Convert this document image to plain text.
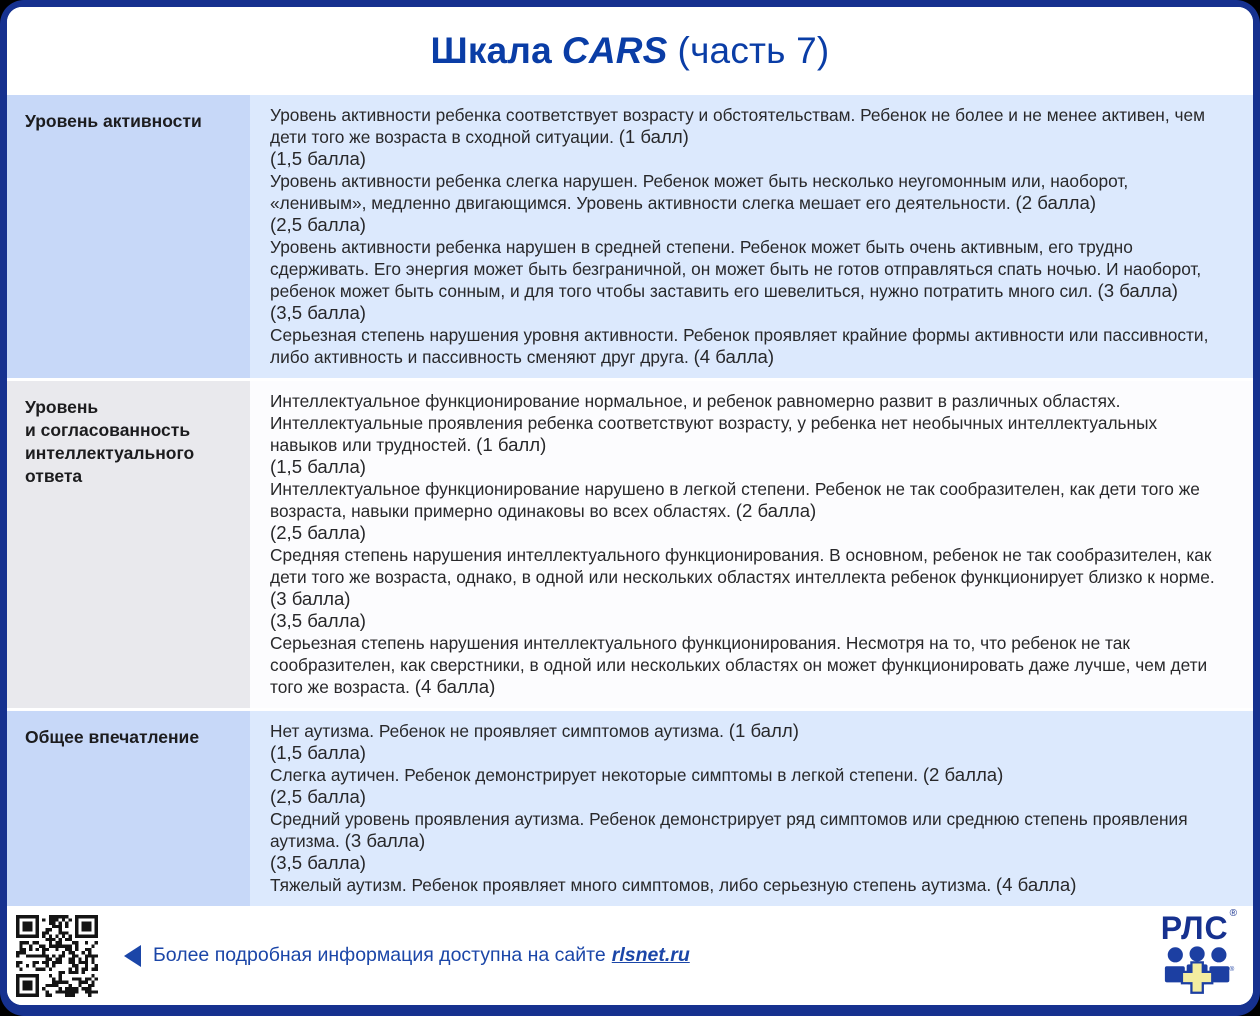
Шкала CARS (часть 7)
Уровень активности	Уровень активности ребенка соответствует возрасту и обстоятельствам. Ребенок не более и не менее активен, чем дети того же возраста в сходной ситуации. (1 балл)
(1,5 балла)
Уровень активности ребенка слегка нарушен. Ребенок может быть несколько неугомонным или, наоборот, «ленивым», медленно двигающимся. Уровень активности слегка мешает его деятельности. (2 балла)
(2,5 балла)
Уровень активности ребенка нарушен в средней степени. Ребенок может быть очень активным, его трудно сдерживать. Его энергия может быть безграничной, он может быть не готов отправляться спать ночью. И наоборот, ребенок может быть сонным, и для того чтобы заставить его шевелиться, нужно потратить много сил. (3 балла)
(3,5 балла)
Серьезная степень нарушения уровня активности. Ребенок проявляет крайние формы активности или пассивности, либо активность и пассивность сменяют друг друга. (4 балла)
Уровень
и согласованность
интеллектуального
ответа
Интеллектуальное функционирование нормальное, и ребенок равномерно развит в различных областях. Интеллектуальные проявления ребенка соответствуют возрасту, у ребенка нет необычных интеллектуальных навыков или трудностей. (1 балл)
(1,5 балла)
Интеллектуальное функционирование нарушено в легкой степени. Ребенок не так сообразителен, как дети того же возраста, навыки примерно одинаковы во всех областях. (2 балла)
(2,5 балла)
Средняя степень нарушения интеллектуального функционирования. В основном, ребенок не так сообразителен, как дети того же возраста, однако, в одной или нескольких областях интеллекта ребенок функционирует близко к норме. (3 балла)
(3,5 балла)
Серьезная степень нарушения интеллектуального функционирования. Несмотря на то, что ребенок не так сообразителен, как сверстники, в одной или нескольких областях он может функционировать даже лучше, чем дети того же возраста. (4 балла)
Общее впечатление	Нет аутизма. Ребенок не проявляет симптомов аутизма. (1 балл)
(1,5 балла)
Слегка аутичен. Ребенок демонстрирует некоторые симптомы в легкой степени. (2 балла)
(2,5 балла)
Средний уровень проявления аутизма. Ребенок демонстрирует ряд симптомов или среднюю степень проявления аутизма. (3 балла)
(3,5 балла)
Тяжелый аутизм. Ребенок проявляет много симптомов, либо серьезную степень аутизма. (4 балла)

Более подробная информация доступна на сайте rlsnet.ru

РЛС ®
®
